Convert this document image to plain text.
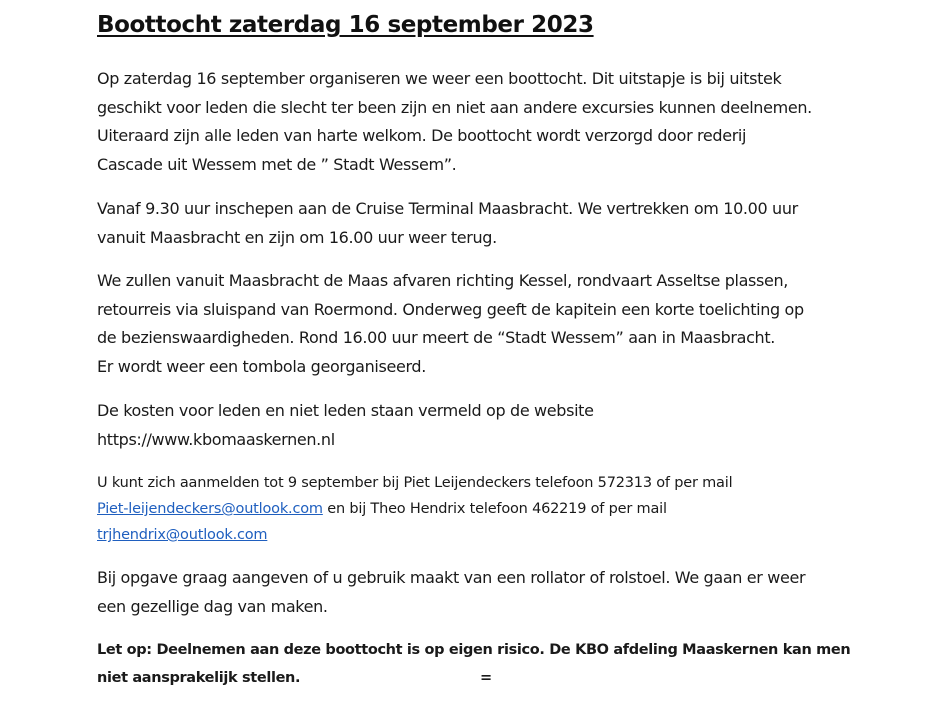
Boottocht zaterdag 16 september 2023

Op zaterdag 16 september organiseren we weer een boottocht. Dit uitstapje is bij uitstek
geschikt voor leden die slecht ter been zijn en niet aan andere excursies kunnen deelnemen.
Uiteraard zijn alle leden van harte welkom. De boottocht wordt verzorgd door rederij
Cascade uit Wessem met de ” Stadt Wessem”.

Vanaf 9.30 uur inschepen aan de Cruise Terminal Maasbracht. We vertrekken om 10.00 uur
vanuit Maasbracht en zijn om 16.00 uur weer terug.

We zullen vanuit Maasbracht de Maas afvaren richting Kessel, rondvaart Asseltse plassen,
retourreis via sluispand van Roermond. Onderweg geeft de kapitein een korte toelichting op
de bezienswaardigheden. Rond 16.00 uur meert de “Stadt Wessem” aan in Maasbracht.
Er wordt weer een tombola georganiseerd.

De kosten voor leden en niet leden staan vermeld op de website
https://www.kbomaaskernen.nl

U kunt zich aanmelden tot 9 september bij Piet Leijendeckers telefoon 572313 of per mail
Piet-leijendeckers@outlook.com en bij Theo Hendrix telefoon 462219 of per mail
trjhendrix@outlook.com

Bij opgave graag aangeven of u gebruik maakt van een rollator of rolstoel. We gaan er weer
een gezellige dag van maken.

Let op: Deelnemen aan deze boottocht is op eigen risico. De KBO afdeling Maaskernen kan men
niet aansprakelijk stellen.	=
